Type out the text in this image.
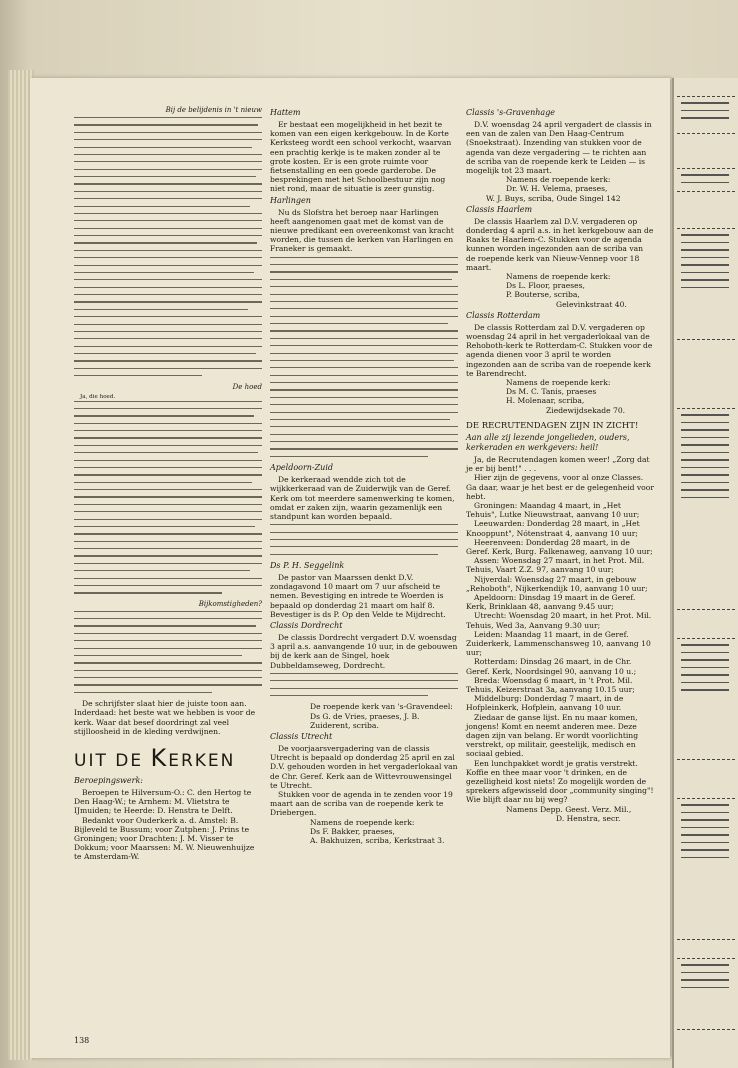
Bij de belijdenis in 't nieuw

De hoed

Ja, die hoed.

Bijkomstigheden?

De schrijfster slaat hier de juiste toon aan. Inderdaad: het beste wat we hebben is voor de kerk. Waar dat besef doordringt zal veel stijlloosheid in de kleding verdwijnen.

UIT DE KERKEN

Beroepingswerk:

Beroepen te Hilversum-O.: C. den Hertog te Den Haag-W.; te Arnhem: M. Vlietstra te IJmuiden; te Heerde: D. Henstra te Delft.

Bedankt voor Ouderkerk a. d. Amstel: B. Bijleveld te Bussum; voor Zutphen: J. Prins te Groningen; voor Drachten: J. M. Visser te Dokkum; voor Maarssen: M. W. Nieuwenhuijze te Amsterdam-W.

Hattem

Er bestaat een mogelijkheid in het bezit te komen van een eigen kerkgebouw. In de Korte Kerksteeg wordt een school verkocht, waarvan een prachtig kerkje is te maken zonder al te grote kosten. Er is een grote ruimte voor fietsenstalling en een goede garderobe. De besprekingen met het Schoolbestuur zijn nog niet rond, maar de situatie is zeer gunstig.

Harlingen

Nu ds Slofstra het beroep naar Harlingen heeft aangenomen gaat met de komst van de nieuwe predikant een overeenkomst van kracht worden, die tussen de kerken van Harlingen en Franeker is gemaakt.

Apeldoorn-Zuid

De kerkeraad wendde zich tot de wijkkerkeraad van de Zuiderwijk van de Geref. Kerk om tot meerdere samenwerking te komen, omdat er zaken zijn, waarin gezamenlijk een standpunt kan worden bepaald.

Ds P. H. Seggelink

De pastor van Maarssen denkt D.V. zondagavond 10 maart om 7 uur afscheid te nemen. Bevestiging en intrede te Woerden is bepaald op donderdag 21 maart om half 8. Bevestiger is ds P. Op den Velde te Mijdrecht.

Classis Dordrecht

De classis Dordrecht vergadert D.V. woensdag 3 april a.s. aanvangende 10 uur, in de gebouwen bij de kerk aan de Singel, hoek Dubbeldamseweg, Dordrecht.

De roepende kerk van 's-Gravendeel: Ds G. de Vries, praeses, J. B. Zuiderent, scriba.

Classis Utrecht

De voorjaarsvergadering van de classis Utrecht is bepaald op donderdag 25 april en zal D.V. gehouden worden in het vergaderlokaal van de Chr. Geref. Kerk aan de Wittevrouwensingel te Utrecht.

Stukken voor de agenda in te zenden voor 19 maart aan de scriba van de roepende kerk te Driebergen.

Namens de roepende kerk:

Ds F. Bakker, praeses,

A. Bakhuizen, scriba, Kerkstraat 3.

Classis 's-Gravenhage

D.V. woensdag 24 april vergadert de classis in een van de zalen van Den Haag-Centrum (Snoekstraat). Inzending van stukken voor de agenda van deze vergadering — te richten aan de scriba van de roepende kerk te Leiden — is mogelijk tot 23 maart.

Namens de roepende kerk:

Dr. W. H. Velema, praeses,

W. J. Buys, scriba, Oude Singel 142

Classis Haarlem

De classis Haarlem zal D.V. vergaderen op donderdag 4 april a.s. in het kerkgebouw aan de Raaks te Haarlem-C. Stukken voor de agenda kunnen worden ingezonden aan de scriba van de roepende kerk van Nieuw-Vennep voor 18 maart.

Namens de roepende kerk:

Ds L. Floor, praeses,

P. Bouterse, scriba,

Gelevinkstraat 40.

Classis Rotterdam

De classis Rotterdam zal D.V. vergaderen op woensdag 24 april in het vergaderlokaal van de Rehoboth-kerk te Rotterdam-C. Stukken voor de agenda dienen voor 3 april te worden ingezonden aan de scriba van de roepende kerk te Barendrecht.

Namens de roepende kerk:

Ds M. C. Tanis, praeses

H. Molenaar, scriba,

Ziedewijdsekade 70.

DE RECRUTENDAGEN ZIJN IN ZICHT!

Aan alle zij lezende jongelieden, ouders, kerkeraden en werkgevers: heil!

Ja, de Recrutendagen komen weer! „Zorg dat je er bij bent!" . . .

Hier zijn de gegevens, voor al onze Classes. Ga daar, waar je het best er de gelegenheid voor hebt.

Groningen: Maandag 4 maart, in „Het Tehuis", Lutke Nieuwstraat, aanvang 10 uur;

Leeuwarden: Donderdag 28 maart, in „Het Knooppunt", Nótenstraat 4, aanvang 10 uur;

Heerenveen: Donderdag 28 maart, in de Geref. Kerk, Burg. Falkenaweg, aanvang 10 uur;

Assen: Woensdag 27 maart, in het Prot. Mil. Tehuis, Vaart Z.Z. 97, aanvang 10 uur;

Nijverdal: Woensdag 27 maart, in gebouw „Rehoboth", Nijkerkendijk 10, aanvang 10 uur;

Apeldoorn: Dinsdag 19 maart in de Geref. Kerk, Brinklaan 48, aanvang 9.45 uur;

Utrecht: Woensdag 20 maart, in het Prot. Mil. Tehuis, Wed 3a, Aanvang 9.30 uur;

Leiden: Maandag 11 maart, in de Geref. Zuiderkerk, Lammenschansweg 10, aanvang 10 uur;

Rotterdam: Dinsdag 26 maart, in de Chr. Geref. Kerk, Noordsingel 90, aanvang 10 u.;

Breda: Woensdag 6 maart, in 't Prot. Mil. Tehuis, Keizerstraat 3a, aanvang 10.15 uur;

Middelburg: Donderdag 7 maart, in de Hofpleinkerk, Hofplein, aanvang 10 uur.

Ziedaar de ganse lijst. En nu maar komen, jongens! Komt en neemt anderen mee. Deze dagen zijn van belang. Er wordt voorlichting verstrekt, op militair, geestelijk, medisch en sociaal gebied.

Een lunchpakket wordt je gratis verstrekt. Koffie en thee maar voor 't drinken, en de gezelligheid kost niets! Zo mogelijk worden de sprekers afgewisseld door „community singing"! Wie blijft daar nu bij weg?

Namens Depp. Geest. Verz. Mil.,

D. Henstra, secr.

138
